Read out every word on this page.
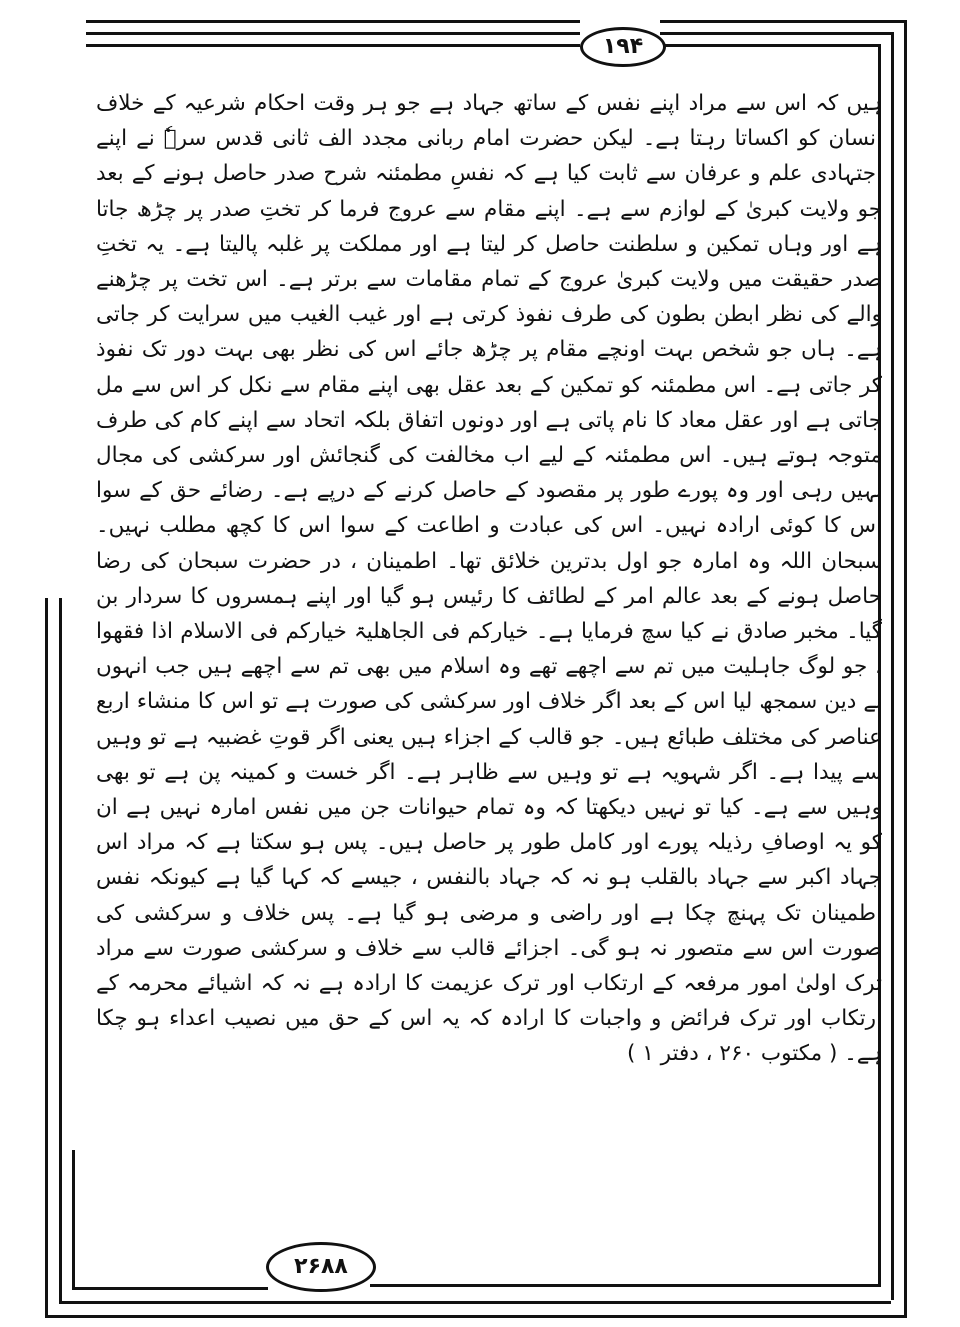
۱۹۴

ہیں کہ اس سے مراد اپنے نفس کے ساتھ جہاد ہے جو ہر وقت احکام شرعیہ کے خلاف انسان کو اکساتا رہتا ہے۔ لیکن حضرت امام ربانی مجدد الف ثانی قدس سرہٗ نے اپنے اجتہادی علم و عرفان سے ثابت کیا ہے کہ نفسِ مطمئنہ شرح صدر حاصل ہونے کے بعد جو ولایت کبریٰ کے لوازم سے ہے۔ اپنے مقام سے عروج فرما کر تختِ صدر پر چڑھ جاتا ہے اور وہاں تمکین و سلطنت حاصل کر لیتا ہے اور مملکت پر غلبہ پالیتا ہے۔ یہ تختِ صدر حقیقت میں ولایت کبریٰ عروج کے تمام مقامات سے برتر ہے۔ اس تخت پر چڑھنے والے کی نظر ابطن بطون کی طرف نفوذ کرتی ہے اور غیب الغیب میں سرایت کر جاتی ہے۔ ہاں جو شخص بہت اونچے مقام پر چڑھ جائے اس کی نظر بھی بہت دور تک نفوذ کر جاتی ہے۔ اس مطمئنہ کو تمکین کے بعد عقل بھی اپنے مقام سے نکل کر اس سے مل جاتی ہے اور عقل معاد کا نام پاتی ہے اور دونوں اتفاق بلکہ اتحاد سے اپنے کام کی طرف متوجہ ہوتے ہیں۔ اس مطمئنہ کے لیے اب مخالفت کی گنجائش اور سرکشی کی مجال نہیں رہی اور وہ پورے طور پر مقصود کے حاصل کرنے کے درپے ہے۔ رضائے حق کے سوا اس کا کوئی ارادہ نہیں۔ اس کی عبادت و اطاعت کے سوا اس کا کچھ مطلب نہیں۔ سبحان اللہ وہ امارہ جو اول بدترین خلائق تھا۔ اطمینان ، در حضرت سبحان کی رضا حاصل ہونے کے بعد عالم امر کے لطائف کا رئیس ہو گیا اور اپنے ہمسروں کا سردار بن گیا۔ مخبر صادق نے کیا سچ فرمایا ہے۔ خیارکم فی الجاھلیۃ خیارکم فی الاسلام اذا فقھوا ، جو لوگ جاہلیت میں تم سے اچھے تھے وہ اسلام میں بھی تم سے اچھے ہیں جب انہوں نے دین سمجھ لیا اس کے بعد اگر خلاف اور سرکشی کی صورت ہے تو اس کا منشاء اربع عناصر کی مختلف طبائع ہیں۔ جو قالب کے اجزاء ہیں یعنی اگر قوتِ غضبیہ ہے تو وہیں سے پیدا ہے۔ اگر شہویہ ہے تو وہیں سے ظاہر ہے۔ اگر خست و کمینہ پن ہے تو بھی وہیں سے ہے۔ کیا تو نہیں دیکھتا کہ وہ تمام حیوانات جن میں نفس امارہ نہیں ہے ان کو یہ اوصافِ رذیلہ پورے اور کامل طور پر حاصل ہیں۔ پس ہو سکتا ہے کہ مراد اس جہاد اکبر سے جہاد بالقلب ہو نہ کہ جہاد بالنفس ، جیسے کہ کہا گیا ہے کیونکہ نفس اطمینان تک پہنچ چکا ہے اور راضی و مرضی ہو گیا ہے۔ پس خلاف و سرکشی کی صورت اس سے متصور نہ ہو گی۔ اجزائے قالب سے خلاف و سرکشی صورت سے مراد ترک اولیٰ امور مرفعہ کے ارتکاب اور ترک عزیمت کا ارادہ ہے نہ کہ اشیائے محرمہ کے ارتکاب اور ترک فرائض و واجبات کا ارادہ کہ یہ اس کے حق میں نصیب اعداء ہو چکا ہے۔ ( مکتوب ۲۶۰ ، دفتر ۱ )

۲۶۸۸
